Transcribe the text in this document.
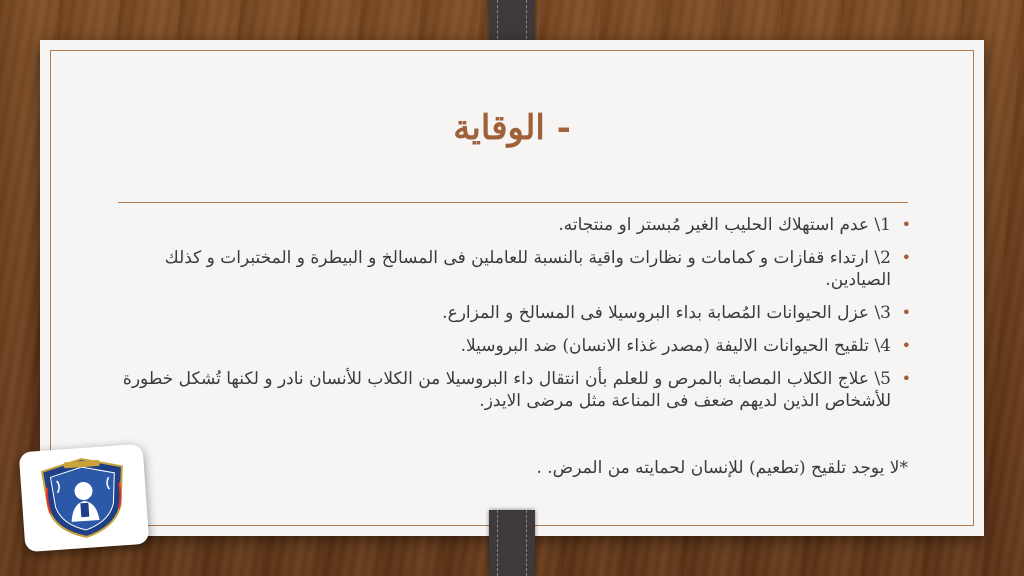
- الوقاية
•
1\ عدم استهلاك الحليب الغير مُبستر او منتجاته.
•
2\ ارتداء قفازات و كمامات و نظارات واقية بالنسبة للعاملين فى المسالخ و البيطرة و المختبرات و كذلك الصيادين.
•
3\ عزل الحيوانات المُصابة بداء البروسيلا فى المسالخ و المزارع.
•
4\ تلقيح الحيوانات الاليفة (مصدر غذاء الانسان) ضد البروسيلا.
•
5\ علاج الكلاب المصابة بالمرص و للعلم بأن انتقال داء البروسيلا من الكلاب للأنسان نادر و لكنها تُشكل خطورة للأشخاص الذين لديهم ضعف فى المناعة مثل مرضى الايدز.
*لا يوجد تلقيح (تطعيم) للإنسان لحمايته من المرض. .
